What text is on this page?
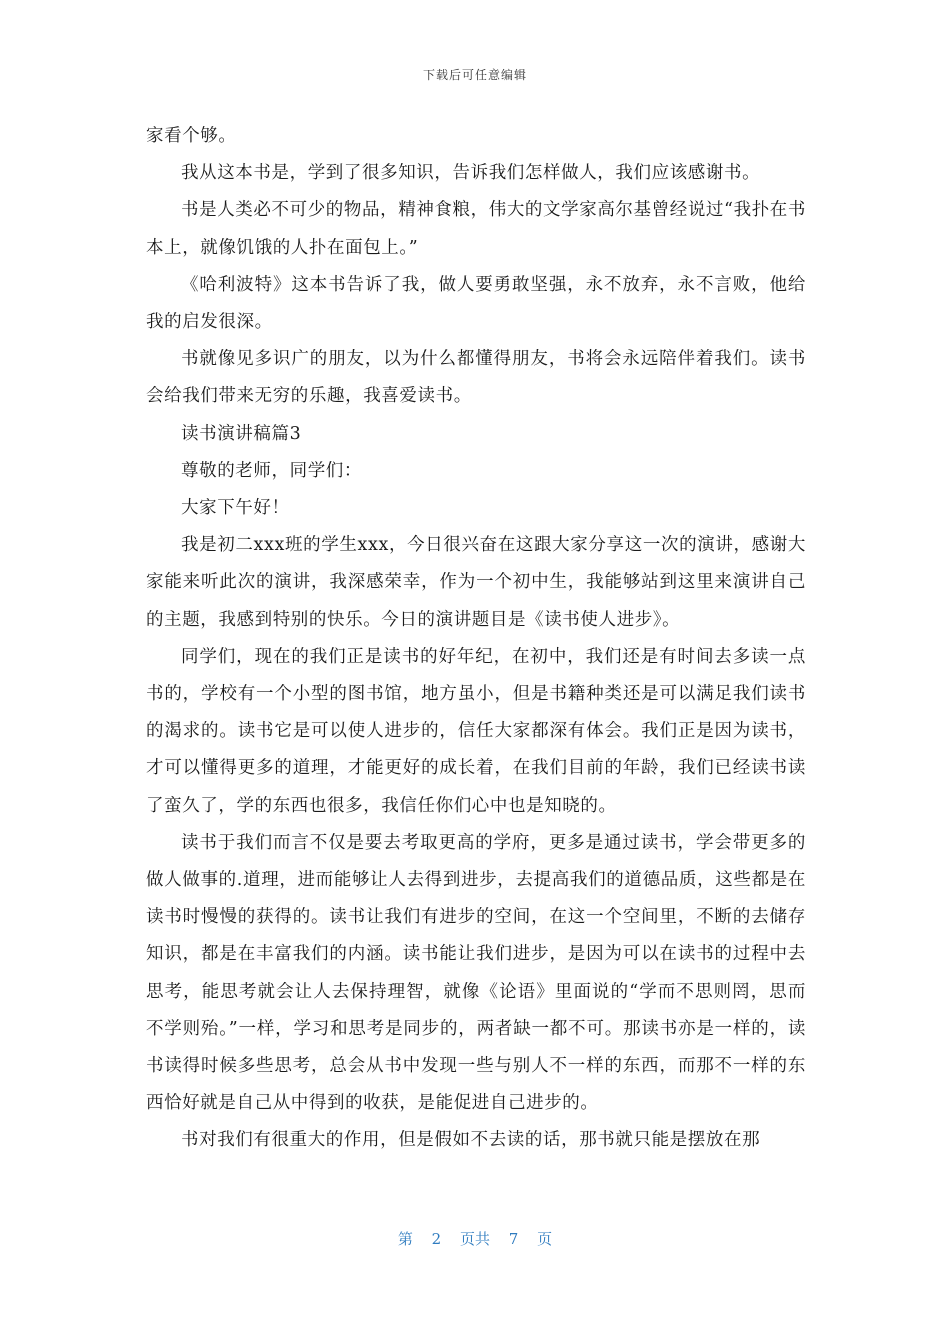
下载后可任意编辑

家看个够。

我从这本书是，学到了很多知识，告诉我们怎样做人，我们应该感谢书。

书是人类必不可少的物品，精神食粮，伟大的文学家高尔基曾经说过“我扑在书本上，就像饥饿的人扑在面包上。”

《哈利波特》这本书告诉了我，做人要勇敢坚强，永不放弃，永不言败，他给我的启发很深。

书就像见多识广的朋友，以为什么都懂得朋友，书将会永远陪伴着我们。读书会给我们带来无穷的乐趣，我喜爱读书。

读书演讲稿篇3

尊敬的老师，同学们：

大家下午好！

我是初二xxx班的学生xxx，今日很兴奋在这跟大家分享这一次的演讲，感谢大家能来听此次的演讲，我深感荣幸，作为一个初中生，我能够站到这里来演讲自己的主题，我感到特别的快乐。今日的演讲题目是《读书使人进步》。

同学们，现在的我们正是读书的好年纪，在初中，我们还是有时间去多读一点书的，学校有一个小型的图书馆，地方虽小，但是书籍种类还是可以满足我们读书的渴求的。读书它是可以使人进步的，信任大家都深有体会。我们正是因为读书，才可以懂得更多的道理，才能更好的成长着，在我们目前的年龄，我们已经读书读了蛮久了，学的东西也很多，我信任你们心中也是知晓的。

读书于我们而言不仅是要去考取更高的学府，更多是通过读书，学会带更多的做人做事的.道理，进而能够让人去得到进步，去提高我们的道德品质，这些都是在读书时慢慢的获得的。读书让我们有进步的空间，在这一个空间里，不断的去储存知识，都是在丰富我们的内涵。读书能让我们进步，是因为可以在读书的过程中去思考，能思考就会让人去保持理智，就像《论语》里面说的“学而不思则罔，思而不学则殆。”一样，学习和思考是同步的，两者缺一都不可。那读书亦是一样的，读书读得时候多些思考，总会从书中发现一些与别人不一样的东西，而那不一样的东西恰好就是自己从中得到的收获，是能促进自己进步的。

书对我们有很重大的作用，但是假如不去读的话，那书就只能是摆放在那

第 2 页共 7 页
